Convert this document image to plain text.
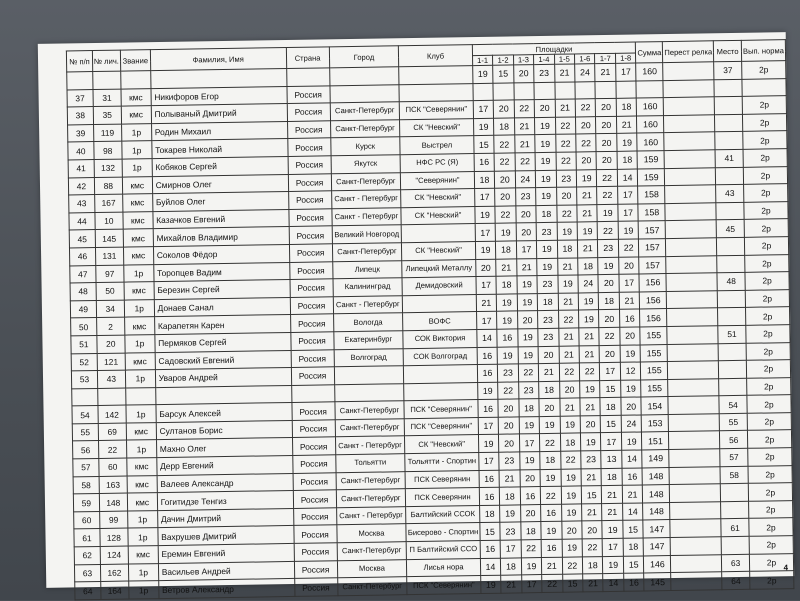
№ п/п	№ лич.	Звание	Фамилия, Имя	Страна	Город	Клуб	Площадки								Сумма	Перест релка	Место	Вып. норма
							1-1	1-2	1-3	1-4	1-5	1-6	1-7	1-8				
							19	15	20	23	21	24	21	17	160		37	2р
37	31	кмс	Никифоров Егор	Россия														
38	35	кмс	Полываный Дмитрий	Россия	Санкт-Петербург	ПСК "Северянин"	17	20	22	20	21	22	20	18	160			2р
39	119	1р	Родин Михаил	Россия	Санкт-Петербург	СК "Невский"	19	18	21	19	22	20	20	21	160			2р
40	98	1р	Токарев Николай	Россия	Курск	Выстрел	15	22	21	19	22	22	20	19	160			2р
41	132	1р	Кобяков Сергей	Россия	Якутск	НФС РС (Я)	16	22	22	19	22	20	20	18	159		41	2р
42	88	кмс	Смирнов Олег	Россия	Санкт-Петербург	"Северянин"	18	20	24	19	23	19	22	14	159			2р
43	167	кмс	Буйлов Олег	Россия	Санкт - Петербург	СК "Невский"	17	20	23	19	20	21	22	17	158		43	2р
44	10	кмс	Казачков Евгений	Россия	Санкт - Петербург	СК "Невский"	19	22	20	18	22	21	19	17	158			2р
45	145	кмс	Михайлов Владимир	Россия	Великий Новгород		17	19	20	23	19	19	22	19	157		45	2р
46	131	кмс	Соколов Фёдор	Россия	Санкт-Петербург	СК "Невский"	19	18	17	19	18	21	23	22	157			2р
47	97	1р	Торопцев Вадим	Россия	Липецк	Липецкий Металлу	20	21	21	19	21	18	19	20	157			2р
48	50	кмс	Березин Сергей	Россия	Калининград	Демидовский	17	18	19	23	19	24	20	17	156		48	2р
49	34	1р	Донаев Санал	Россия	Санкт - Петербург		21	19	19	18	21	19	18	21	156			2р
50	2	кмс	Карапетян Карен	Россия	Вологда	ВОФС	17	19	20	23	22	19	20	16	156			2р
51	20	1р	Пермяков Сергей	Россия	Екатеринбург	СОК Виктория	14	16	19	23	21	21	22	20	155		51	2р
52	121	кмс	Садовский Евгений	Россия	Волгоград	СОК Волгоград	16	19	19	20	21	21	20	19	155			2р
53	43	1р	Уваров Андрей	Россия			16	23	22	21	22	22	17	12	155			2р
							19	22	23	18	20	19	15	19	155			2р
54	142	1р	Барсук Алексей	Россия	Санкт-Петербург	ПСК "Северянин"	16	20	18	20	21	21	18	20	154		54	2р
55	69	кмс	Султанов Борис	Россия	Санкт-Петербург	ПСК "Северянин"	17	20	19	19	19	20	15	24	153		55	2р
56	22	1р	Махно Олег	Россия	Санкт - Петербург	СК "Невский"	19	20	17	22	18	19	17	19	151		56	2р
57	60	кмс	Дерр Евгений	Россия	Тольятти	Тольятти - Спортин	17	23	19	18	22	23	13	14	149		57	2р
58	163	кмс	Валеев Александр	Россия	Санкт-Петербург	ПСК Северянин	16	21	20	19	19	21	18	16	148		58	2р
59	148	кмс	Гогитидзе Тенгиз	Россия	Санкт-Петербург	ПСК Северянин	16	18	16	22	19	15	21	21	148			2р
60	99	1р	Дачин Дмитрий	Россия	Санкт - Петербург	Балтийский ССОК	18	19	20	16	19	21	21	14	148			2р
61	128	1р	Вахрушев Дмитрий	Россия	Москва	Бисерово - Спортин	15	23	18	19	20	20	19	15	147		61	2р
62	124	кмс	Еремин Евгений	Россия	Санкт-Петербург	П Балтийский ССО	16	17	22	16	19	22	17	18	147			2р
63	162	1р	Васильев Андрей	Россия	Москва	Лисья нора	14	18	19	21	22	18	19	15	146		63	2р
64	164	1р	Ветров Александр	Россия	Санкт-Петербург	ПСК "Северянин"	19	21	17	22	15	21	14	16	145		64	2р
4
